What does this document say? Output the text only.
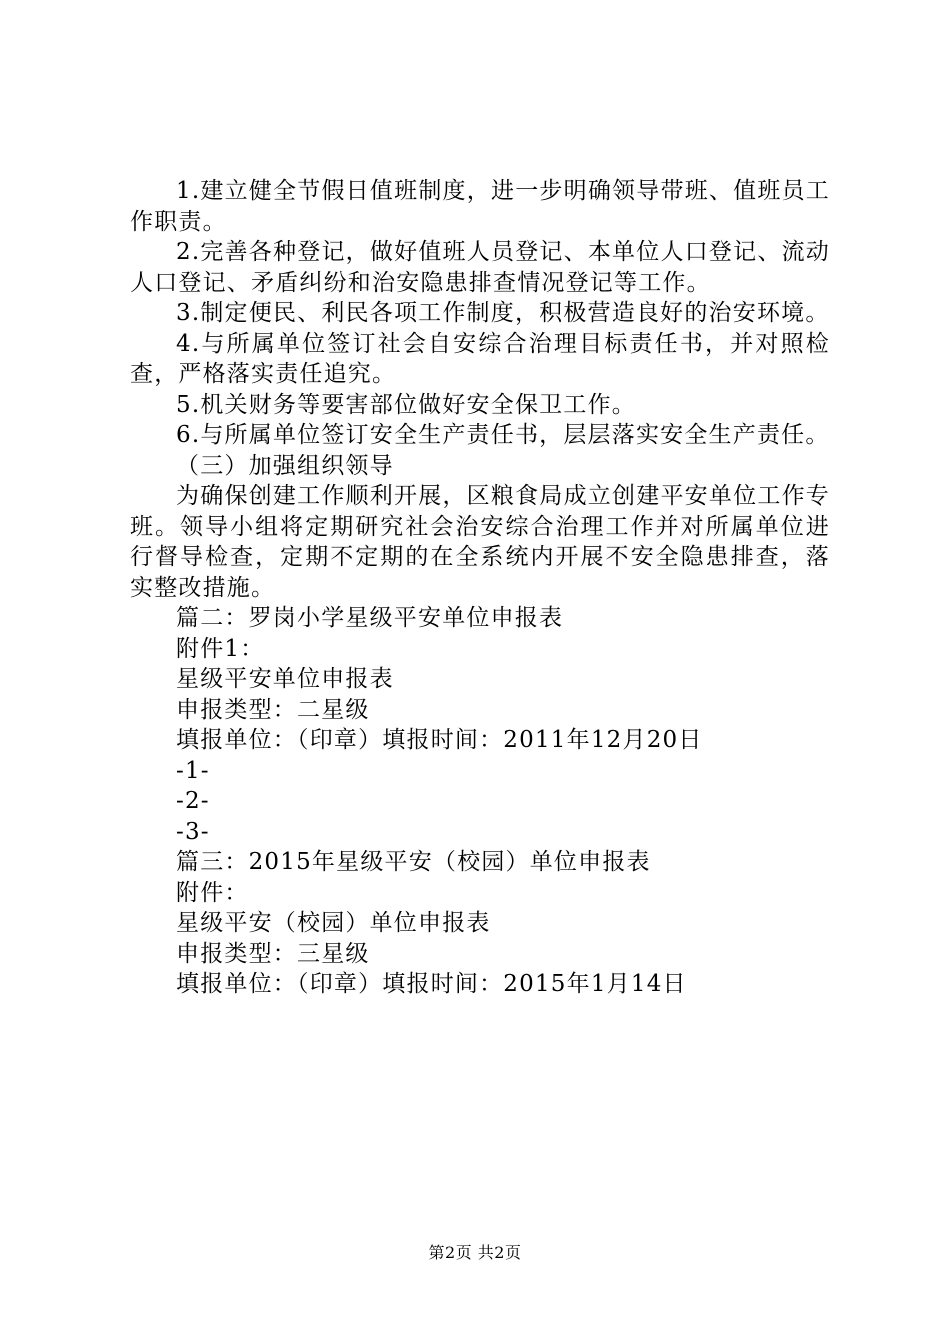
1.建立健全节假日值班制度，进一步明确领导带班、值班员工作职责。

2.完善各种登记，做好值班人员登记、本单位人口登记、流动人口登记、矛盾纠纷和治安隐患排查情况登记等工作。

3.制定便民、利民各项工作制度，积极营造良好的治安环境。

4.与所属单位签订社会自安综合治理目标责任书，并对照检查，严格落实责任追究。

5.机关财务等要害部位做好安全保卫工作。

6.与所属单位签订安全生产责任书，层层落实安全生产责任。

（三）加强组织领导

为确保创建工作顺利开展，区粮食局成立创建平安单位工作专班。领导小组将定期研究社会治安综合治理工作并对所属单位进行督导检查，定期不定期的在全系统内开展不安全隐患排查，落实整改措施。

篇二：罗岗小学星级平安单位申报表

附件1：

星级平安单位申报表

申报类型：二星级

填报单位：（印章）填报时间：2011年12月20日

-1-

-2-

-3-

篇三：2015年星级平安（校园）单位申报表

附件：

星级平安（校园）单位申报表

申报类型：三星级

填报单位：（印章）填报时间：2015年1月14日

第2页 共2页
